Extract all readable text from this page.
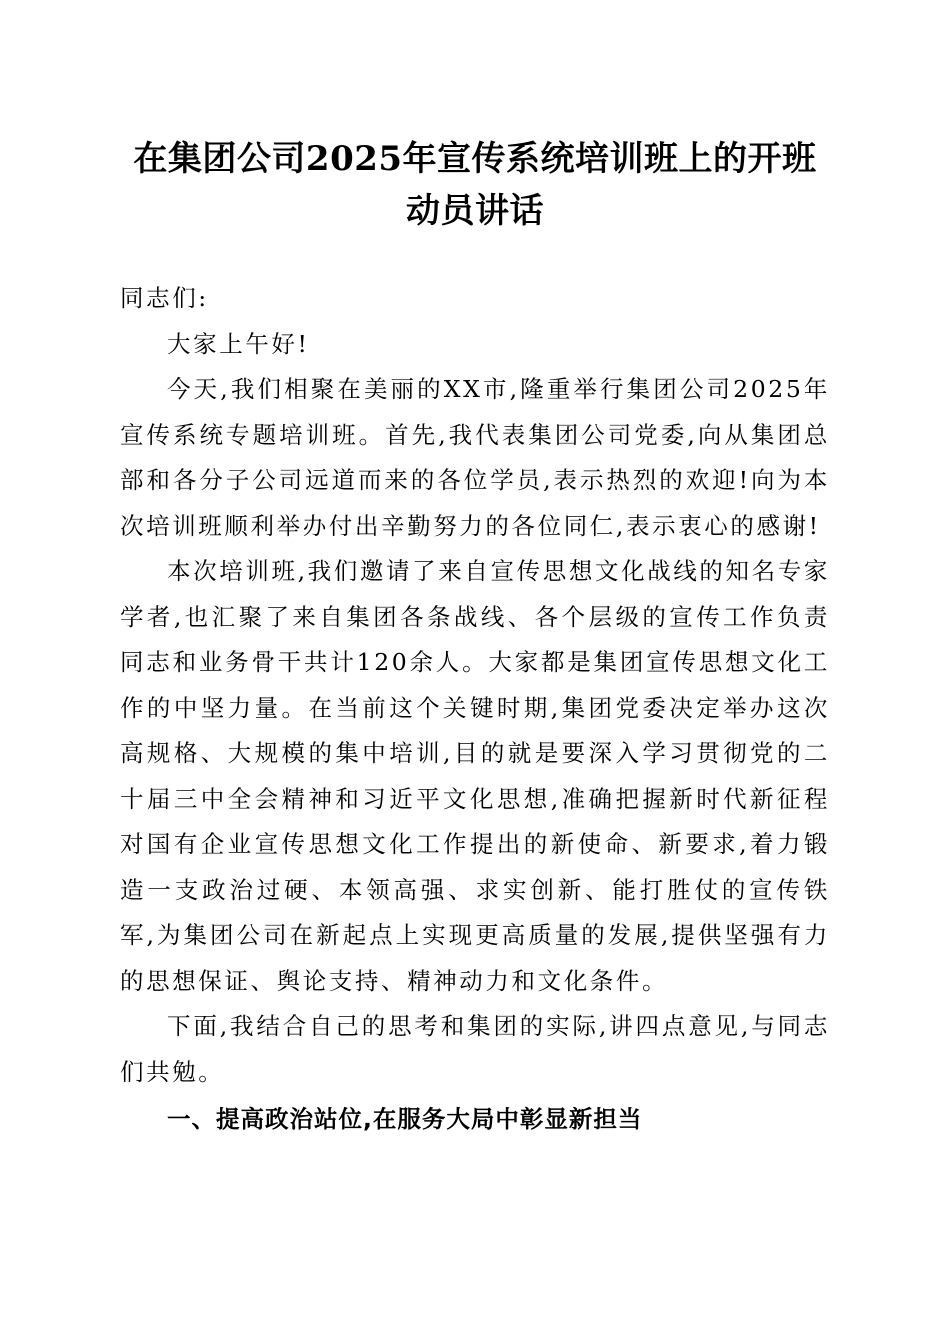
在集团公司2025年宣传系统培训班上的开班
动员讲话

同志们:

大家上午好!

今天,我们相聚在美丽的XX市,隆重举行集团公司2025年宣传系统专题培训班。首先,我代表集团公司党委,向从集团总部和各分子公司远道而来的各位学员,表示热烈的欢迎!向为本次培训班顺利举办付出辛勤努力的各位同仁,表示衷心的感谢!

本次培训班,我们邀请了来自宣传思想文化战线的知名专家学者,也汇聚了来自集团各条战线、各个层级的宣传工作负责同志和业务骨干共计120余人。大家都是集团宣传思想文化工作的中坚力量。在当前这个关键时期,集团党委决定举办这次高规格、大规模的集中培训,目的就是要深入学习贯彻党的二十届三中全会精神和习近平文化思想,准确把握新时代新征程对国有企业宣传思想文化工作提出的新使命、新要求,着力锻造一支政治过硬、本领高强、求实创新、能打胜仗的宣传铁军,为集团公司在新起点上实现更高质量的发展,提供坚强有力的思想保证、舆论支持、精神动力和文化条件。

下面,我结合自己的思考和集团的实际,讲四点意见,与同志们共勉。

一、提高政治站位,在服务大局中彰显新担当
